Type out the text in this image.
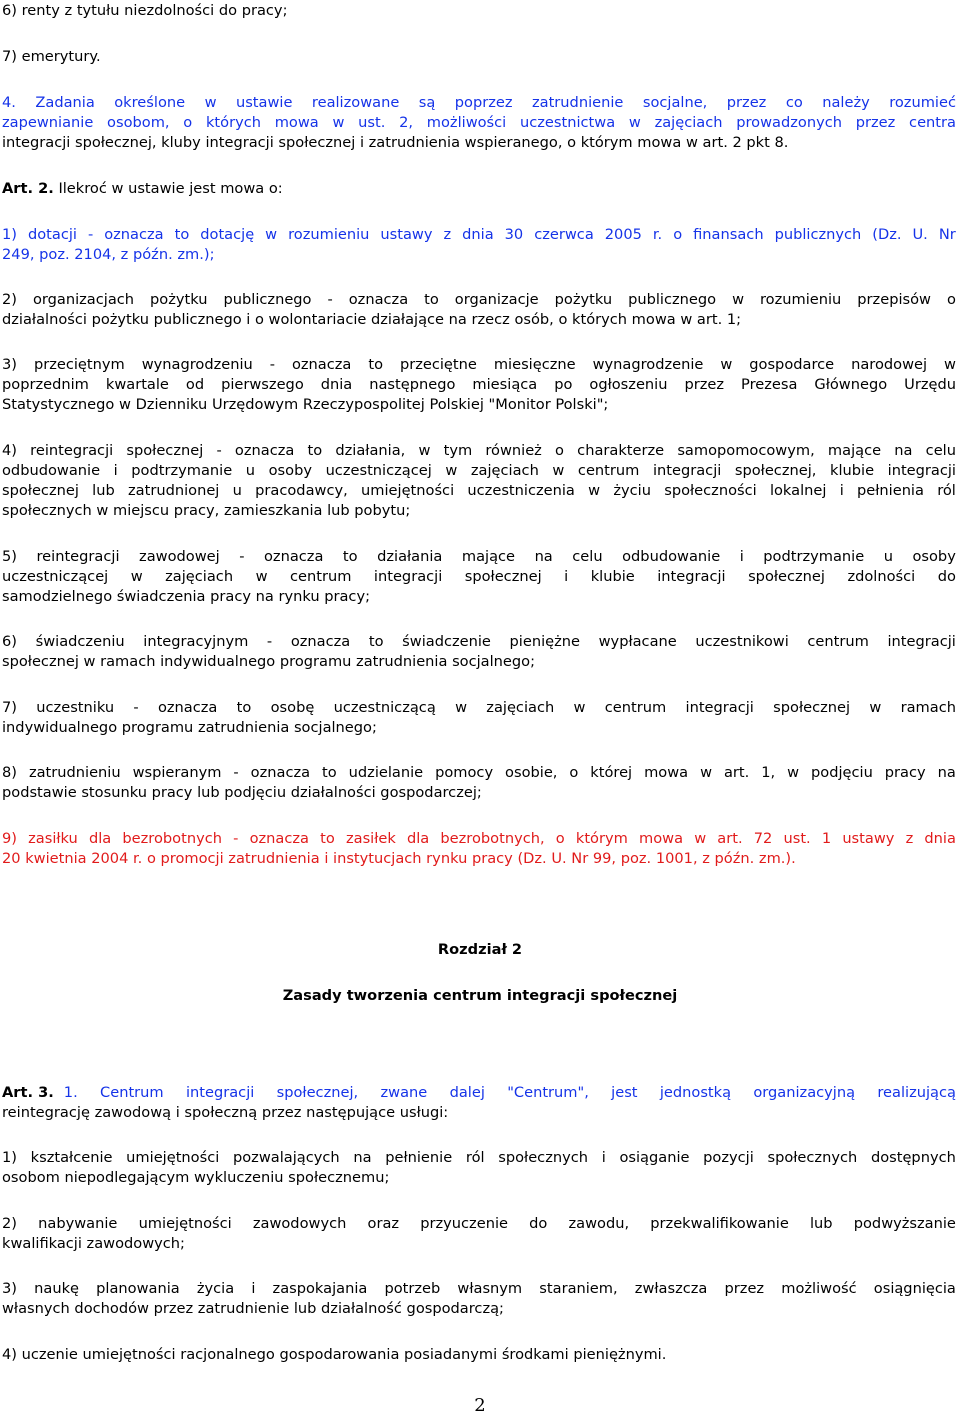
6) renty z tytułu niezdolności do pracy;
7) emerytury.
4. Zadania określone w ustawie realizowane są poprzez zatrudnienie socjalne, przez co należy rozumieć
zapewnianie osobom, o których mowa w ust. 2, możliwości uczestnictwa w zajęciach prowadzonych przez centra
integracji społecznej, kluby integracji społecznej i zatrudnienia wspieranego, o którym mowa w art. 2 pkt 8.
Art. 2. Ilekroć w ustawie jest mowa o:
1) dotacji - oznacza to dotację w rozumieniu ustawy z dnia 30 czerwca 2005 r. o finansach publicznych (Dz. U. Nr
249, poz. 2104, z późn. zm.);
2) organizacjach pożytku publicznego - oznacza to organizacje pożytku publicznego w rozumieniu przepisów o
działalności pożytku publicznego i o wolontariacie działające na rzecz osób, o których mowa w art. 1;
3) przeciętnym wynagrodzeniu - oznacza to przeciętne miesięczne wynagrodzenie w gospodarce narodowej w
poprzednim kwartale od pierwszego dnia następnego miesiąca po ogłoszeniu przez Prezesa Głównego Urzędu
Statystycznego w Dzienniku Urzędowym Rzeczypospolitej Polskiej "Monitor Polski";
4) reintegracji społecznej - oznacza to działania, w tym również o charakterze samopomocowym, mające na celu
odbudowanie i podtrzymanie u osoby uczestniczącej w zajęciach w centrum integracji społecznej, klubie integracji
społecznej lub zatrudnionej u pracodawcy, umiejętności uczestniczenia w życiu społeczności lokalnej i pełnienia ról
społecznych w miejscu pracy, zamieszkania lub pobytu;
5) reintegracji zawodowej - oznacza to działania mające na celu odbudowanie i podtrzymanie u osoby
uczestniczącej w zajęciach w centrum integracji społecznej i klubie integracji społecznej zdolności do
samodzielnego świadczenia pracy na rynku pracy;
6) świadczeniu integracyjnym - oznacza to świadczenie pieniężne wypłacane uczestnikowi centrum integracji
społecznej w ramach indywidualnego programu zatrudnienia socjalnego;
7) uczestniku - oznacza to osobę uczestniczącą w zajęciach w centrum integracji społecznej w ramach
indywidualnego programu zatrudnienia socjalnego;
8) zatrudnieniu wspieranym - oznacza to udzielanie pomocy osobie, o której mowa w art. 1, w podjęciu pracy na
podstawie stosunku pracy lub podjęciu działalności gospodarczej;
9) zasiłku dla bezrobotnych - oznacza to zasiłek dla bezrobotnych, o którym mowa w art. 72 ust. 1 ustawy z dnia
20 kwietnia 2004 r. o promocji zatrudnienia i instytucjach rynku pracy (Dz. U. Nr 99, poz. 1001, z późn. zm.).
Rozdział 2
Zasady tworzenia centrum integracji społecznej
Art. 3. 1. Centrum integracji społecznej, zwane dalej "Centrum", jest jednostką organizacyjną realizującą
reintegrację zawodową i społeczną przez następujące usługi:
1) kształcenie umiejętności pozwalających na pełnienie ról społecznych i osiąganie pozycji społecznych dostępnych
osobom niepodlegającym wykluczeniu społecznemu;
2) nabywanie umiejętności zawodowych oraz przyuczenie do zawodu, przekwalifikowanie lub podwyższanie
kwalifikacji zawodowych;
3) naukę planowania życia i zaspokajania potrzeb własnym staraniem, zwłaszcza przez możliwość osiągnięcia
własnych dochodów przez zatrudnienie lub działalność gospodarczą;
4) uczenie umiejętności racjonalnego gospodarowania posiadanymi środkami pieniężnymi.
2
